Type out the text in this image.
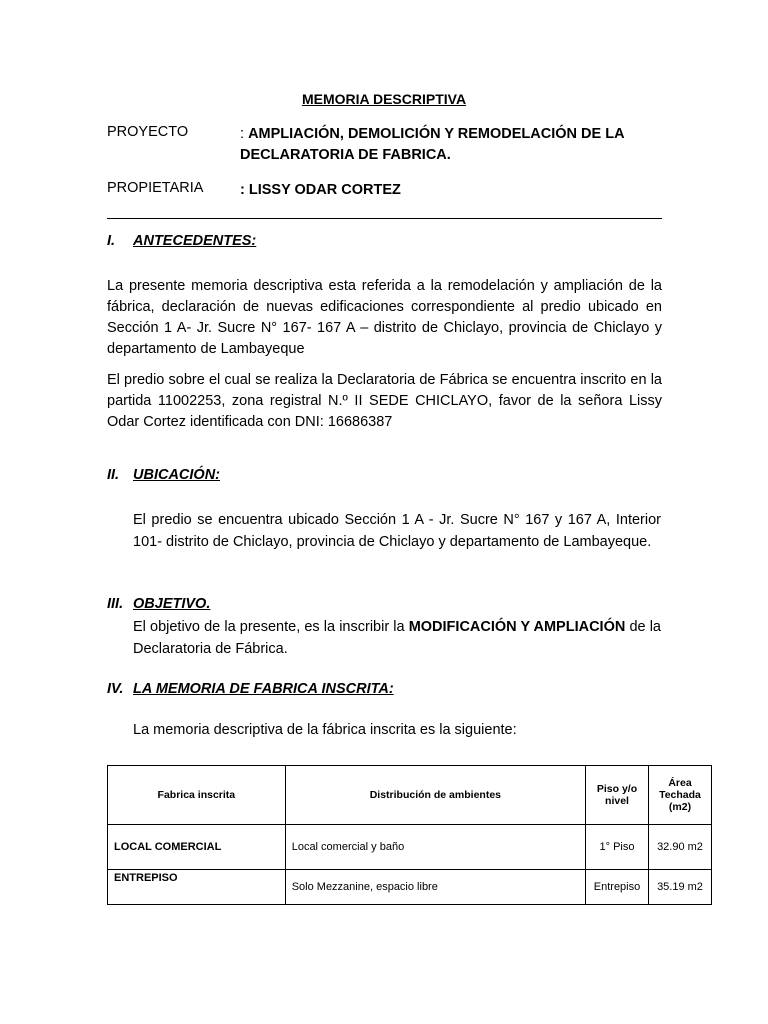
MEMORIA DESCRIPTIVA
PROYECTO	: AMPLIACIÓN, DEMOLICIÓN Y REMODELACIÓN DE LA DECLARATORIA DE FABRICA.
PROPIETARIA	: LISSY ODAR CORTEZ
I. ANTECEDENTES:
La presente memoria descriptiva esta referida a la remodelación y ampliación de la fábrica, declaración de nuevas edificaciones correspondiente al predio ubicado en Sección 1 A- Jr. Sucre N° 167- 167 A – distrito de Chiclayo, provincia de Chiclayo y departamento de Lambayeque
El predio sobre el cual se realiza la Declaratoria de Fábrica se encuentra inscrito en la partida 11002253, zona registral N.º II SEDE CHICLAYO, favor de la señora Lissy Odar Cortez identificada con DNI: 16686387
II. UBICACIÓN:
El predio se encuentra ubicado Sección 1 A - Jr. Sucre N° 167 y 167 A, Interior 101- distrito de Chiclayo, provincia de Chiclayo y departamento de Lambayeque.
III. OBJETIVO.
El objetivo de la presente, es la inscribir la MODIFICACIÓN Y AMPLIACIÓN de la Declaratoria de Fábrica.
IV. LA MEMORIA DE FABRICA INSCRITA:
La memoria descriptiva de la fábrica inscrita es la siguiente:
Fabrica inscrita	Distribución de ambientes	Piso y/o nivel	Área Techada (m2)
LOCAL COMERCIAL	Local comercial y baño	1° Piso	32.90 m2
ENTREPISO	Solo Mezzanine, espacio libre	Entrepiso	35.19 m2
